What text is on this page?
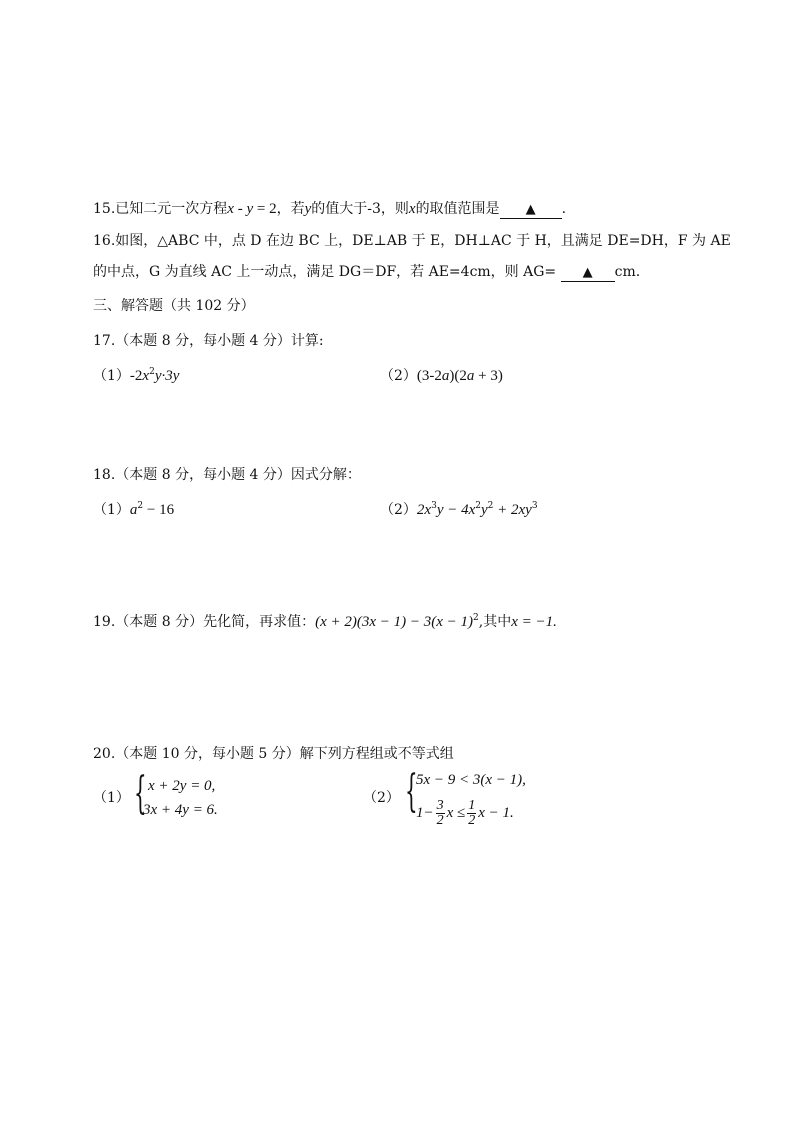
15.已知二元一次方程x - y = 2，若y的值大于-3，则x的取值范围是 ▲ .
16.如图，△ABC 中，点 D 在边 BC 上，DE⊥AB 于 E，DH⊥AC 于 H，且满足 DE=DH，F 为 AE
的中点，G 为直线 AC 上一动点，满足 DG＝DF，若 AE=4cm，则 AG= ▲ cm.
三、解答题（共 102 分）
17.（本题 8 分，每小题 4 分）计算:
$(1)-2x^2y\cdot 3y$	（2）(3-2a)(2a + 3)
18.（本题 8 分，每小题 4 分）因式分解：
$(1)a^2 - 16$	$(2)2x^3y - 4x^2y^2 + 2xy^3$
19.（本题 8 分）先化简，再求值：$(x + 2)(3x - 1) - 3(x - 1)^2$,其中x = −1.
20.（本题 10 分，每小题 5 分）解下列方程组或不等式组
（1） { x + 2y = 0,
3x + 4y = 6.
（2） {
5x − 9 < 3(x − 1),
$1- \frac{3}{2}$ $x \le \frac{1}{2}$ x − 1.
